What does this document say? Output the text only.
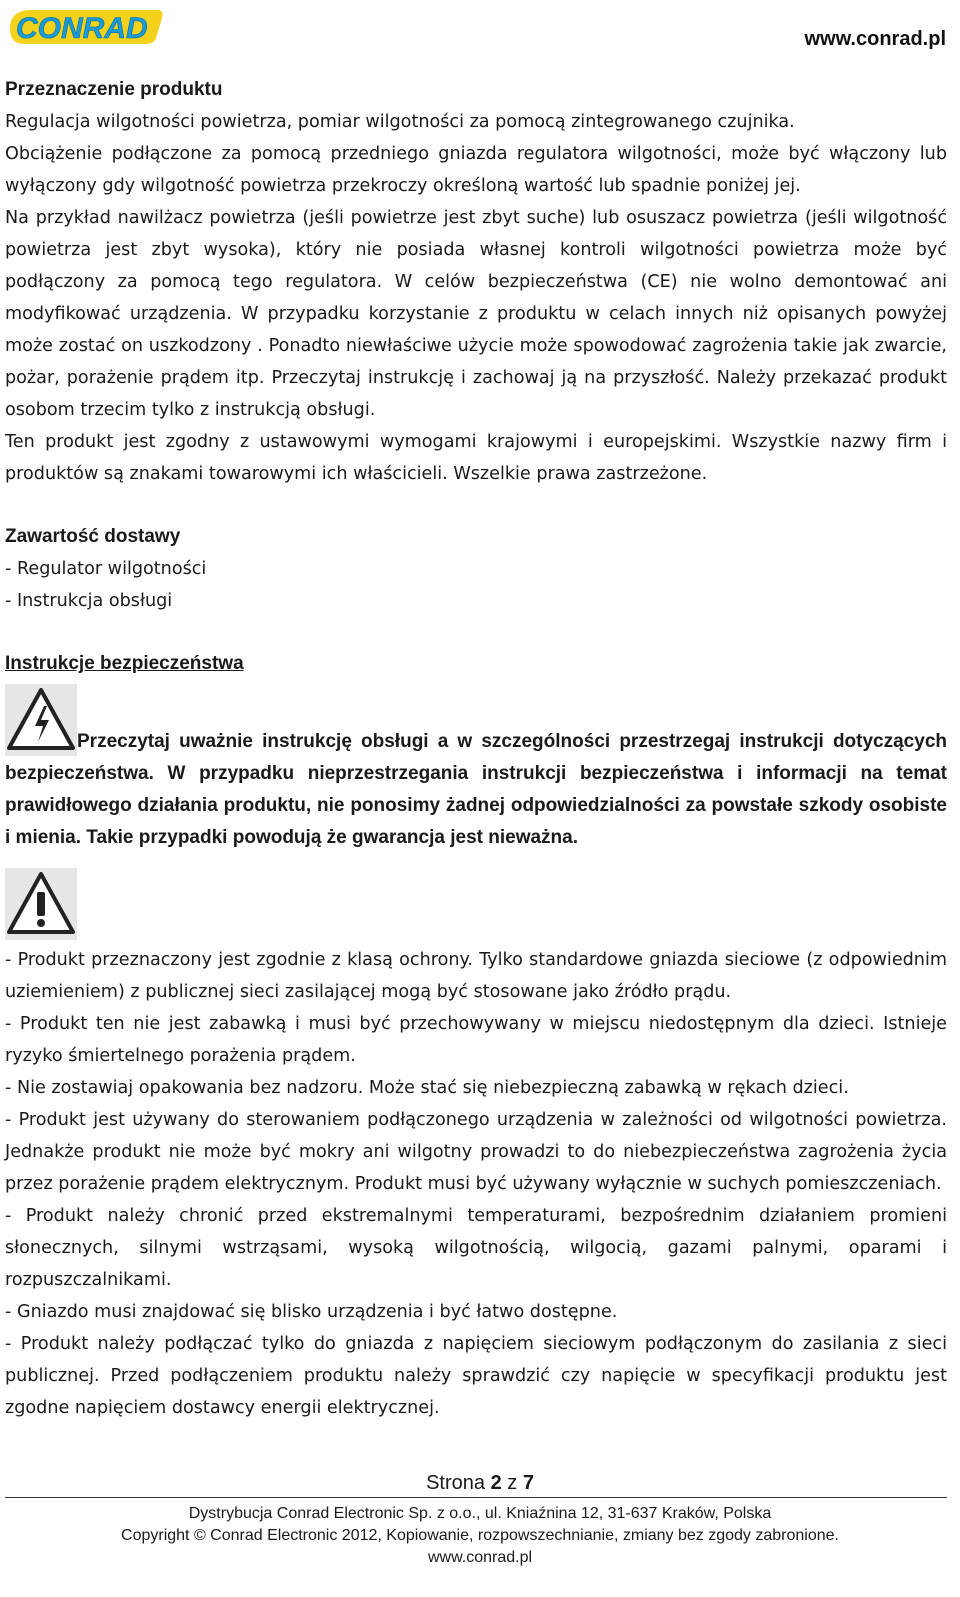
CONRAD	www.conrad.pl

Przeznaczenie produktu

Regulacja wilgotności powietrza, pomiar wilgotności za pomocą zintegrowanego czujnika.

Obciążenie podłączone za pomocą przedniego gniazda regulatora wilgotności, może być włączony lub wyłączony gdy wilgotność powietrza przekroczy określoną wartość lub spadnie poniżej jej.

Na przykład nawilżacz powietrza (jeśli powietrze jest zbyt suche) lub osuszacz powietrza (jeśli wilgotność powietrza jest zbyt wysoka), który nie posiada własnej kontroli wilgotności powietrza może być podłączony za pomocą tego regulatora. W celów bezpieczeństwa (CE) nie wolno demontować ani modyfikować urządzenia. W przypadku korzystanie z produktu w celach innych niż opisanych powyżej może zostać on uszkodzony . Ponadto niewłaściwe użycie może spowodować zagrożenia takie jak zwarcie, pożar, porażenie prądem itp. Przeczytaj instrukcję i zachowaj ją na przyszłość. Należy przekazać produkt osobom trzecim tylko z instrukcją obsługi.

Ten produkt jest zgodny z ustawowymi wymogami krajowymi i europejskimi. Wszystkie nazwy firm i produktów są znakami towarowymi ich właścicieli. Wszelkie prawa zastrzeżone.

Zawartość dostawy

- Regulator wilgotności

- Instrukcja obsługi

Instrukcje bezpieczeństwa

Przeczytaj uważnie instrukcję obsługi a w szczególności przestrzegaj instrukcji dotyczących bezpieczeństwa. W przypadku nieprzestrzegania instrukcji bezpieczeństwa i informacji na temat prawidłowego działania produktu, nie ponosimy żadnej odpowiedzialności za powstałe szkody osobiste i mienia. Takie przypadki powodują że gwarancja jest nieważna.

- Produkt przeznaczony jest zgodnie z klasą ochrony. Tylko standardowe gniazda sieciowe (z odpowiednim uziemieniem) z publicznej sieci zasilającej mogą być stosowane jako źródło prądu.

- Produkt ten nie jest zabawką i musi być przechowywany w miejscu niedostępnym dla dzieci. Istnieje ryzyko śmiertelnego porażenia prądem.

- Nie zostawiaj opakowania bez nadzoru. Może stać się niebezpieczną zabawką w rękach dzieci.

- Produkt jest używany do sterowaniem podłączonego urządzenia w zależności od wilgotności powietrza. Jednakże produkt nie może być mokry ani wilgotny prowadzi to do niebezpieczeństwa zagrożenia życia przez porażenie prądem elektrycznym. Produkt musi być używany wyłącznie w suchych pomieszczeniach.

- Produkt należy chronić przed ekstremalnymi temperaturami, bezpośrednim działaniem promieni słonecznych, silnymi wstrząsami, wysoką wilgotnością, wilgocią, gazami palnymi, oparami i rozpuszczalnikami.

- Gniazdo musi znajdować się blisko urządzenia i być łatwo dostępne.

- Produkt należy podłączać tylko do gniazda z napięciem sieciowym podłączonym do zasilania z sieci publicznej. Przed podłączeniem produktu należy sprawdzić czy napięcie w specyfikacji produktu jest zgodne napięciem dostawcy energii elektrycznej.

Strona 2 z 7
Dystrybucja Conrad Electronic Sp. z o.o., ul. Kniaźnina 12, 31-637 Kraków, Polska
Copyright © Conrad Electronic 2012, Kopiowanie, rozpowszechnianie, zmiany bez zgody zabronione.
www.conrad.pl
